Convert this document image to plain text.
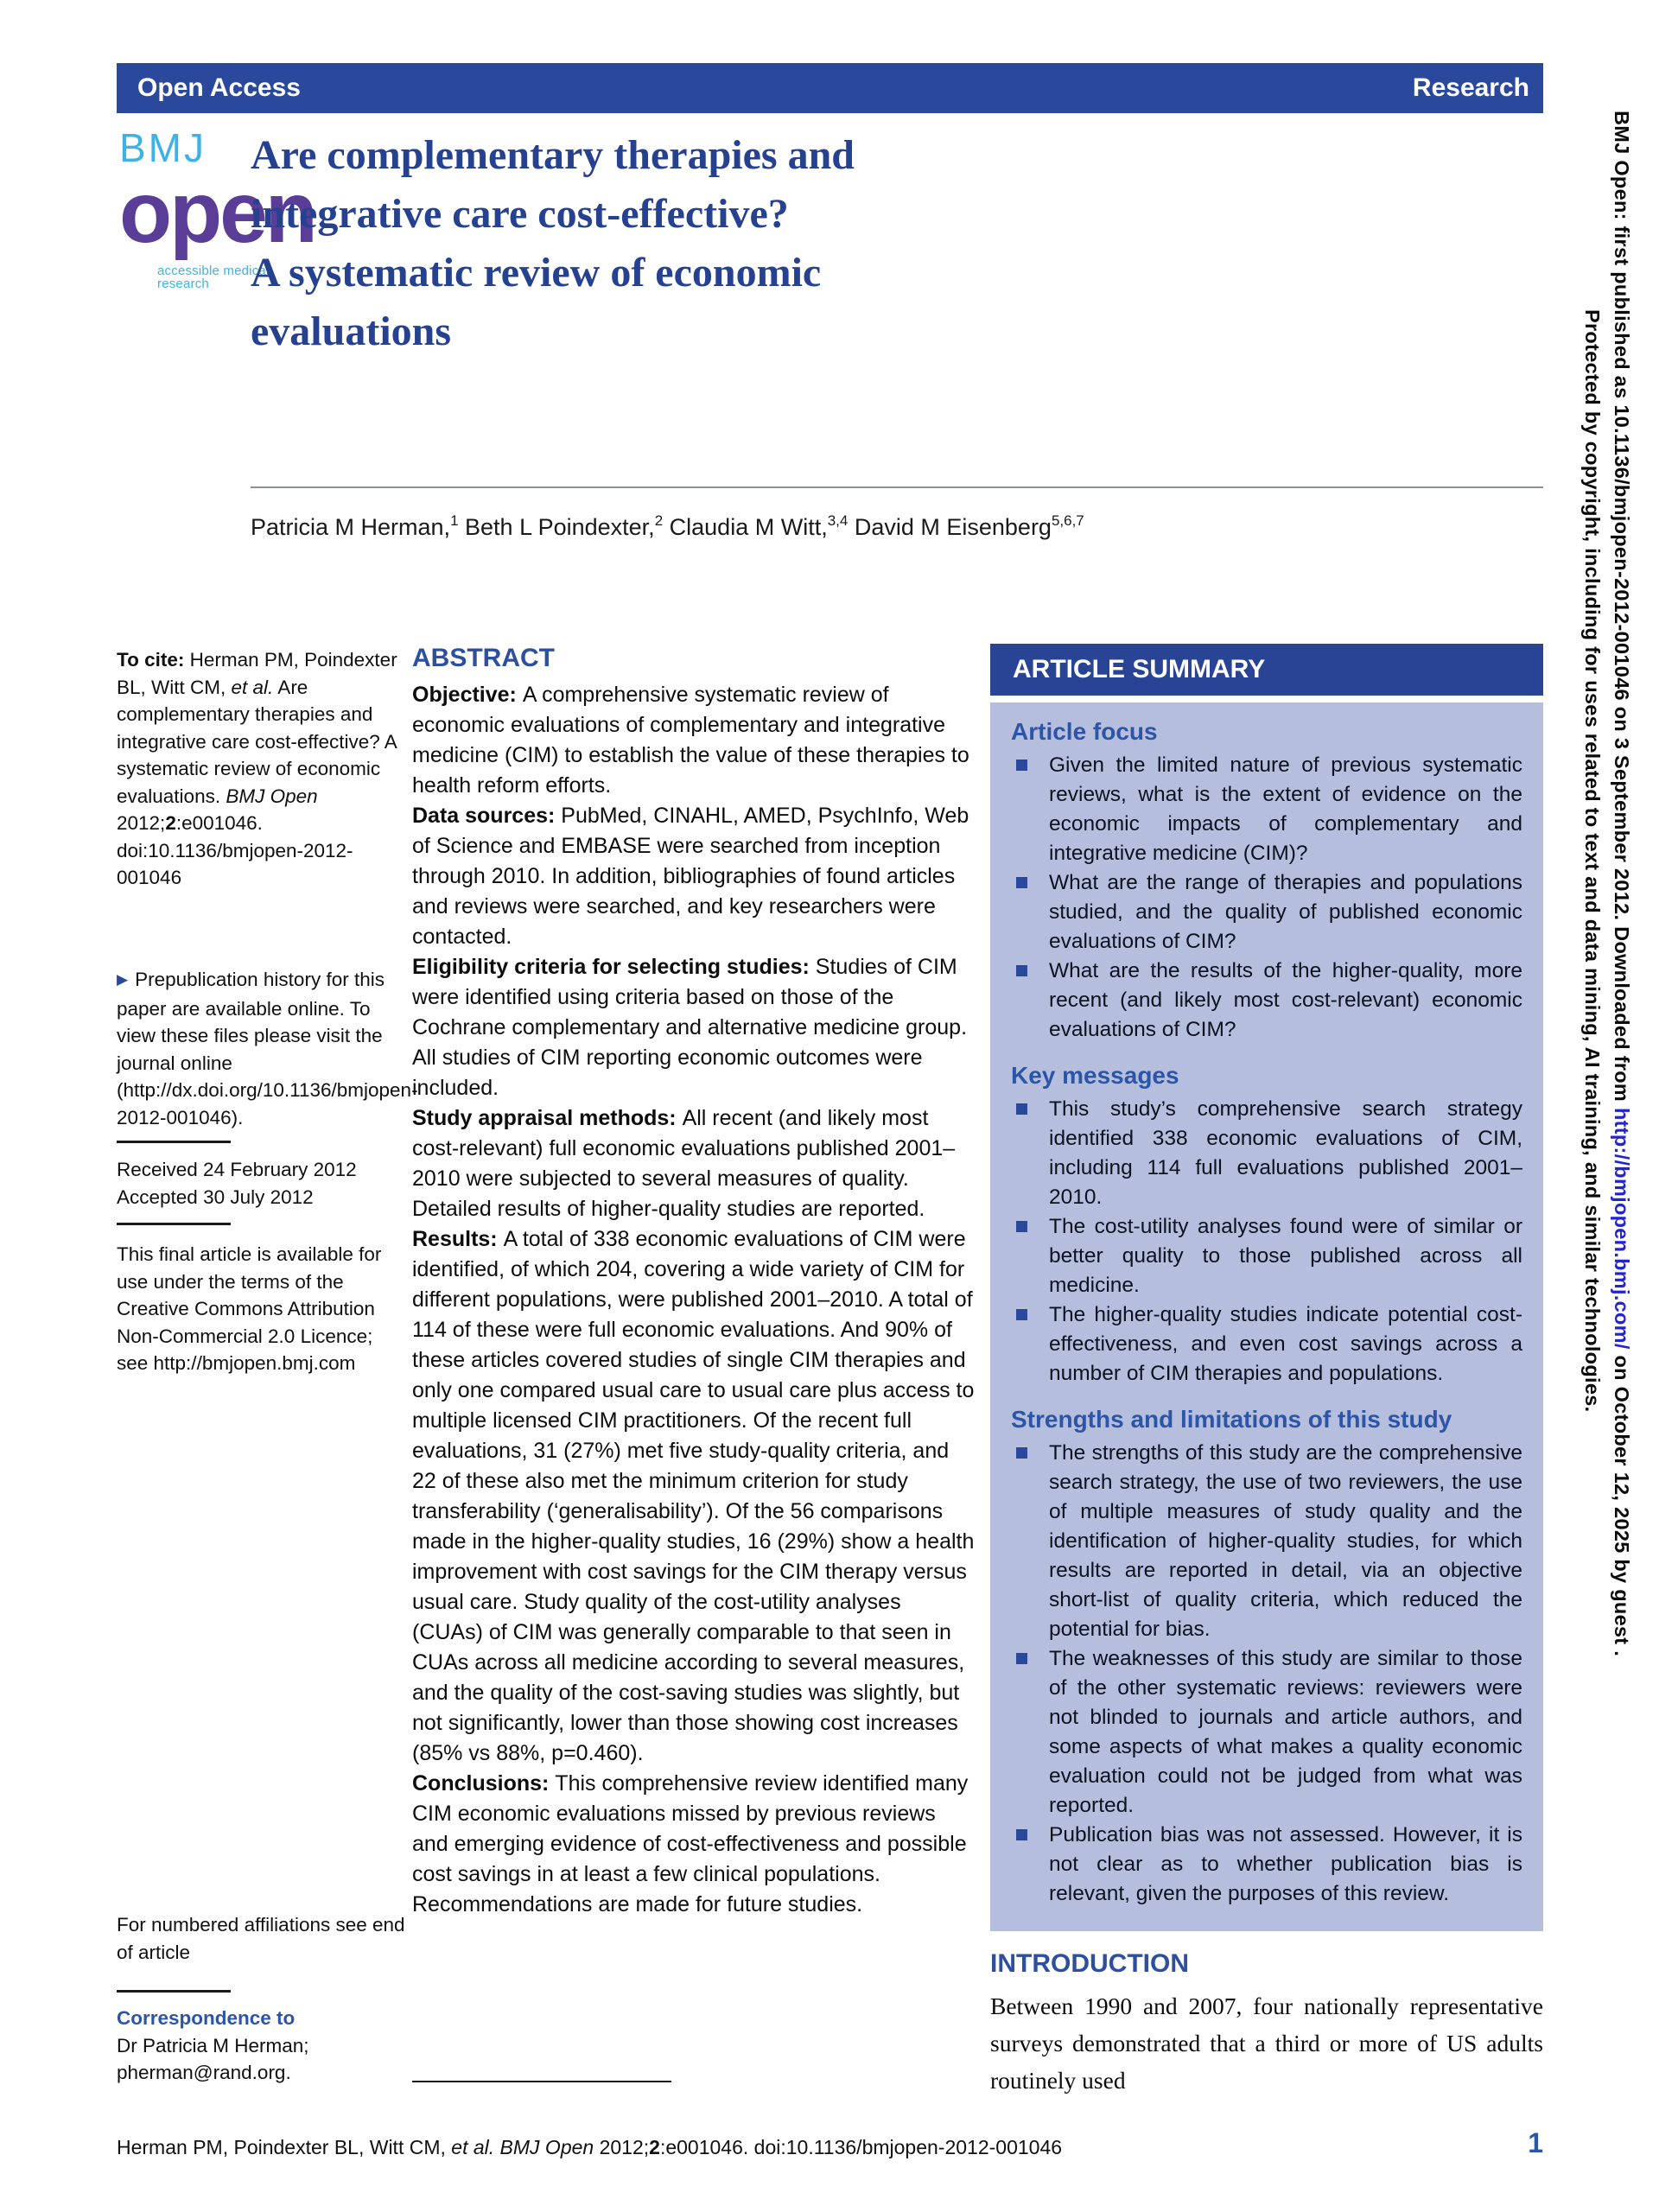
Open Access	Research
BMJ
open
accessible medical research
Are complementary therapies and
integrative care cost-effective?
A systematic review of economic
evaluations
Patricia M Herman,$^1$ Beth L Poindexter,$^2$ Claudia M Witt,$^{3,4}$ David M Eisenberg$^{5,6,7}$
To cite: Herman PM, Poindexter BL, Witt CM, et al. Are complementary therapies and integrative care cost-effective? A systematic review of economic evaluations. BMJ Open 2012;2:e001046. doi:10.1136/bmjopen-2012-001046
▶ Prepublication history for this paper are available online. To view these files please visit the journal online (http://dx.doi.org/10.1136/bmjopen-2012-001046).
Received 24 February 2012
Accepted 30 July 2012
This final article is available for use under the terms of the Creative Commons Attribution Non-Commercial 2.0 Licence; see http://bmjopen.bmj.com
For numbered affiliations see end of article
Correspondence to
Dr Patricia M Herman;
pherman@rand.org.
ABSTRACT

Objective: A comprehensive systematic review of economic evaluations of complementary and integrative medicine (CIM) to establish the value of these therapies to health reform efforts.

Data sources: PubMed, CINAHL, AMED, PsychInfo, Web of Science and EMBASE were searched from inception through 2010. In addition, bibliographies of found articles and reviews were searched, and key researchers were contacted.

Eligibility criteria for selecting studies: Studies of CIM were identified using criteria based on those of the Cochrane complementary and alternative medicine group. All studies of CIM reporting economic outcomes were included.

Study appraisal methods: All recent (and likely most cost-relevant) full economic evaluations published 2001–2010 were subjected to several measures of quality. Detailed results of higher-quality studies are reported.

Results: A total of 338 economic evaluations of CIM were identified, of which 204, covering a wide variety of CIM for different populations, were published 2001–2010. A total of 114 of these were full economic evaluations. And 90% of these articles covered studies of single CIM therapies and only one compared usual care to usual care plus access to multiple licensed CIM practitioners. Of the recent full evaluations, 31 (27%) met five study-quality criteria, and 22 of these also met the minimum criterion for study transferability (‘generalisability’). Of the 56 comparisons made in the higher-quality studies, 16 (29%) show a health improvement with cost savings for the CIM therapy versus usual care. Study quality of the cost-utility analyses (CUAs) of CIM was generally comparable to that seen in CUAs across all medicine according to several measures, and the quality of the cost-saving studies was slightly, but not significantly, lower than those showing cost increases (85% vs 88%, p=0.460).

Conclusions: This comprehensive review identified many CIM economic evaluations missed by previous reviews and emerging evidence of cost-effectiveness and possible cost savings in at least a few clinical populations. Recommendations are made for future studies.

ARTICLE SUMMARY
Article focus
Given the limited nature of previous systematic reviews, what is the extent of evidence on the economic impacts of complementary and integrative medicine (CIM)?
What are the range of therapies and populations studied, and the quality of published economic evaluations of CIM?
What are the results of the higher-quality, more recent (and likely most cost-relevant) economic evaluations of CIM?
Key messages
This study’s comprehensive search strategy identified 338 economic evaluations of CIM, including 114 full evaluations published 2001–2010.
The cost-utility analyses found were of similar or better quality to those published across all medicine.
The higher-quality studies indicate potential cost-effectiveness, and even cost savings across a number of CIM therapies and populations.
Strengths and limitations of this study
The strengths of this study are the comprehensive search strategy, the use of two reviewers, the use of multiple measures of study quality and the identification of higher-quality studies, for which results are reported in detail, via an objective short-list of quality criteria, which reduced the potential for bias.
The weaknesses of this study are similar to those of the other systematic reviews: reviewers were not blinded to journals and article authors, and some aspects of what makes a quality economic evaluation could not be judged from what was reported.
Publication bias was not assessed. However, it is not clear as to whether publication bias is relevant, given the purposes of this review.
INTRODUCTION

Between 1990 and 2007, four nationally representative surveys demonstrated that a third or more of US adults routinely used

Herman PM, Poindexter BL, Witt CM, et al. BMJ Open 2012;2:e001046. doi:10.1136/bmjopen-2012-001046	1
BMJ Open: first published as 10.1136/bmjopen-2012-001046 on 3 September 2012. Downloaded from http://bmjopen.bmj.com/ on October 12, 2025 by guest .
Protected by copyright, including for uses related to text and data mining, AI training, and similar technologies.
